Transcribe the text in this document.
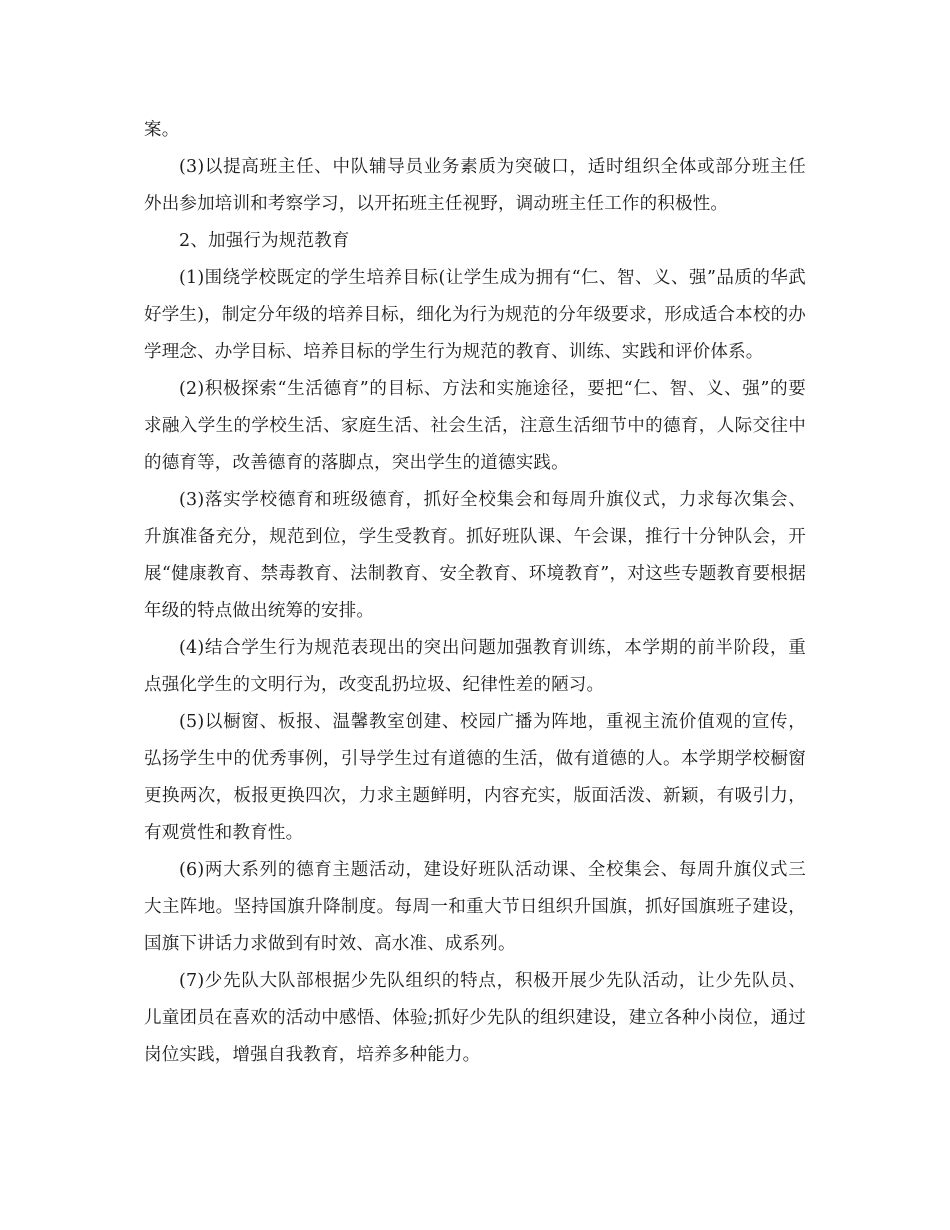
案。

(3)以提高班主任、中队辅导员业务素质为突破口，适时组织全体或部分班主任外出参加培训和考察学习，以开拓班主任视野，调动班主任工作的积极性。

2、加强行为规范教育

(1)围绕学校既定的学生培养目标(让学生成为拥有“仁、智、义、强”品质的华武好学生)，制定分年级的培养目标，细化为行为规范的分年级要求，形成适合本校的办学理念、办学目标、培养目标的学生行为规范的教育、训练、实践和评价体系。

(2)积极探索“生活德育”的目标、方法和实施途径，要把“仁、智、义、强”的要求融入学生的学校生活、家庭生活、社会生活，注意生活细节中的德育，人际交往中的德育等，改善德育的落脚点，突出学生的道德实践。

(3)落实学校德育和班级德育，抓好全校集会和每周升旗仪式，力求每次集会、升旗准备充分，规范到位，学生受教育。抓好班队课、午会课，推行十分钟队会，开展“健康教育、禁毒教育、法制教育、安全教育、环境教育”，对这些专题教育要根据年级的特点做出统筹的安排。

(4)结合学生行为规范表现出的突出问题加强教育训练，本学期的前半阶段，重点强化学生的文明行为，改变乱扔垃圾、纪律性差的陋习。

(5)以橱窗、板报、温馨教室创建、校园广播为阵地，重视主流价值观的宣传，弘扬学生中的优秀事例，引导学生过有道德的生活，做有道德的人。本学期学校橱窗更换两次，板报更换四次，力求主题鲜明，内容充实，版面活泼、新颖，有吸引力，有观赏性和教育性。

(6)两大系列的德育主题活动，建设好班队活动课、全校集会、每周升旗仪式三大主阵地。坚持国旗升降制度。每周一和重大节日组织升国旗，抓好国旗班子建设，国旗下讲话力求做到有时效、高水准、成系列。

(7)少先队大队部根据少先队组织的特点，积极开展少先队活动，让少先队员、儿童团员在喜欢的活动中感悟、体验;抓好少先队的组织建设，建立各种小岗位，通过岗位实践，增强自我教育，培养多种能力。
